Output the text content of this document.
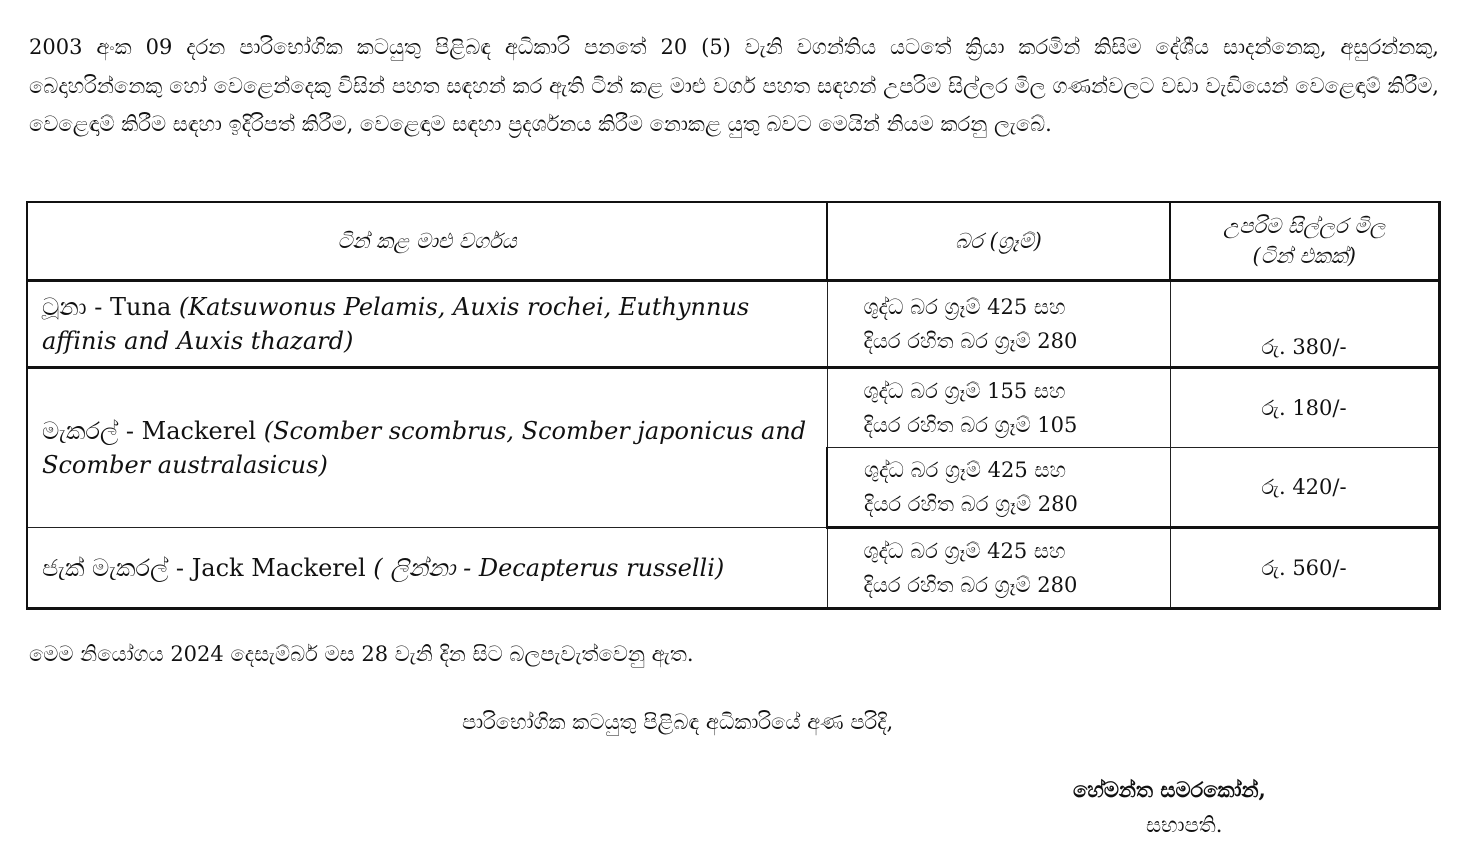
2003 අංක 09 දරන පාරිභෝගික කටයුතු පිළිබඳ අධිකාරි පනතේ 20 (5) වැනි වගන්තිය යටතේ ක්‍රියා කරමින් කිසිම දේශීය සාදන්නෙකු, අසුරන්නකු, බෙදාහරින්නෙකු හෝ වෙළෙන්දෙකු විසින් පහත සඳහන් කර ඇති ටින් කළ මාළු වර්ග පහත සඳහන් උපරිම සිල්ලර මිල ගණන්වලට වඩා වැඩියෙන් වෙළෙඳාම් කිරීම, වෙළෙඳාම් කිරීම සඳහා ඉදිරිපත් කිරීම, වෙළෙඳාම සඳහා ප්‍රදර්ශනය කිරීම නොකළ යුතු බවට මෙයින් නියම කරනු ලැබේ.

ටින් කළ මාළු වර්ගය	බර (ග්‍රෑම්)	උපරිම සිල්ලර මිල
(ටින් එකක්)

ටූනා - Tuna (Katsuwonus Pelamis, Auxis rochei, Euthynnus affinis and Auxis thazard)	ශුද්ධ බර ග්‍රෑම් 425 සහ
දියර රහිත බර ග්‍රෑම් 280	රු. 380/-
මැකරල් - Mackerel (Scomber scombrus, Scomber japonicus and Scomber australasicus)	ශුද්ධ බර ග්‍රෑම් 155 සහ
දියර රහිත බර ග්‍රෑම් 105	රු. 180/-

	ශුද්ධ බර ග්‍රෑම් 425 සහ
දියර රහිත බර ග්‍රෑම් 280	රු. 420/-
ජැක් මැකරල් - Jack Mackerel ( ලින්නා - Decapterus russelli)	ශුද්ධ බර ග්‍රෑම් 425 සහ
දියර රහිත බර ග්‍රෑම් 280	රු. 560/-

මෙම නියෝගය 2024 දෙසැම්බර් මස 28 වැනි දින සිට බලපැවැත්වෙනු ඇත.

පාරිභෝගික කටයුතු පිළිබඳ අධිකාරියේ අණ පරිදි,

හේමන්ත සමරකෝන්,

සභාපති.
